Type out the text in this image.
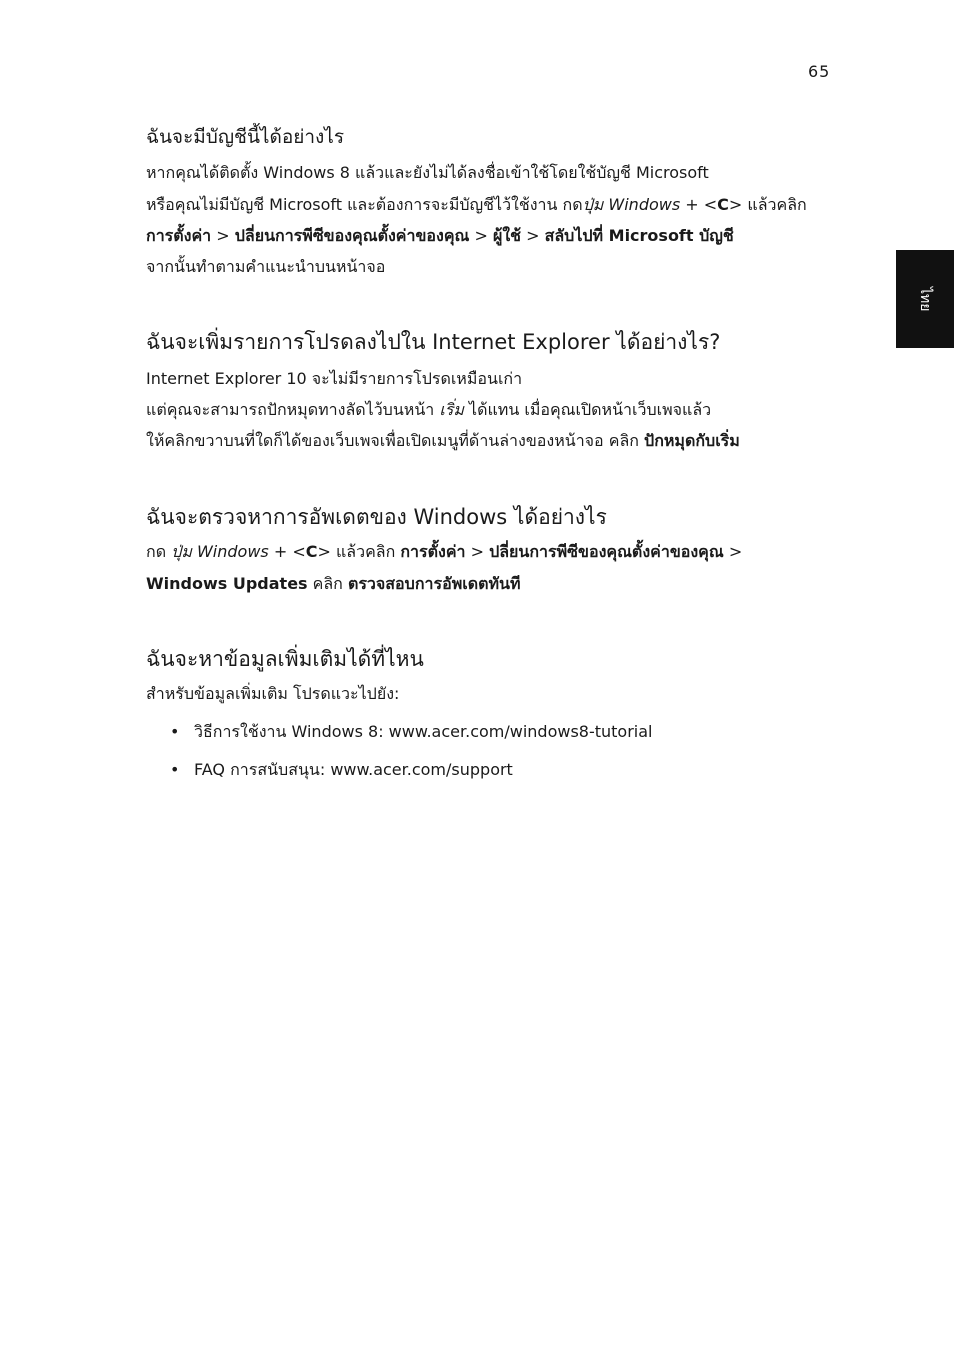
65
ไทย
ฉันจะมีบัญชีนี้ได้อย่างไร
หากคุณได้ติดตั้ง Windows 8 แล้วและยังไม่ได้ลงชื่อเข้าใช้โดยใช้บัญชี Microsoft
หรือคุณไม่มีบัญชี Microsoft และต้องการจะมีบัญชีไว้ใช้งาน กดปุ่ม Windows + <C> แล้วคลิก
การตั้งค่า > ปลี่ยนการพีซีของคุณตั้งค่าของคุณ > ผู้ใช้ > สลับไปที่ Microsoft บัญชี
จากนั้นทำตามคำแนะนำบนหน้าจอ
ฉันจะเพิ่มรายการโปรดลงไปใน Internet Explorer ได้อย่างไร?
Internet Explorer 10 จะไม่มีรายการโปรดเหมือนเก่า
แต่คุณจะสามารถปักหมุดทางลัดไว้บนหน้า เริ่ม ได้แทน เมื่อคุณเปิดหน้าเว็บเพจแล้ว
ให้คลิกขวาบนที่ใดก็ได้ของเว็บเพจเพื่อเปิดเมนูที่ด้านล่างของหน้าจอ คลิก ปักหมุดกับเริ่ม
ฉันจะตรวจหาการอัพเดตของ Windows ได้อย่างไร
กด ปุ่ม Windows + <C> แล้วคลิก การตั้งค่า > ปลี่ยนการพีซีของคุณตั้งค่าของคุณ >
Windows Updates คลิก ตรวจสอบการอัพเดตทันที
ฉันจะหาข้อมูลเพิ่มเติมได้ที่ไหน
สำหรับข้อมูลเพิ่มเติม โปรดแวะไปยัง:
• วิธีการใช้งาน Windows 8: www.acer.com/windows8-tutorial
• FAQ การสนับสนุน: www.acer.com/support
